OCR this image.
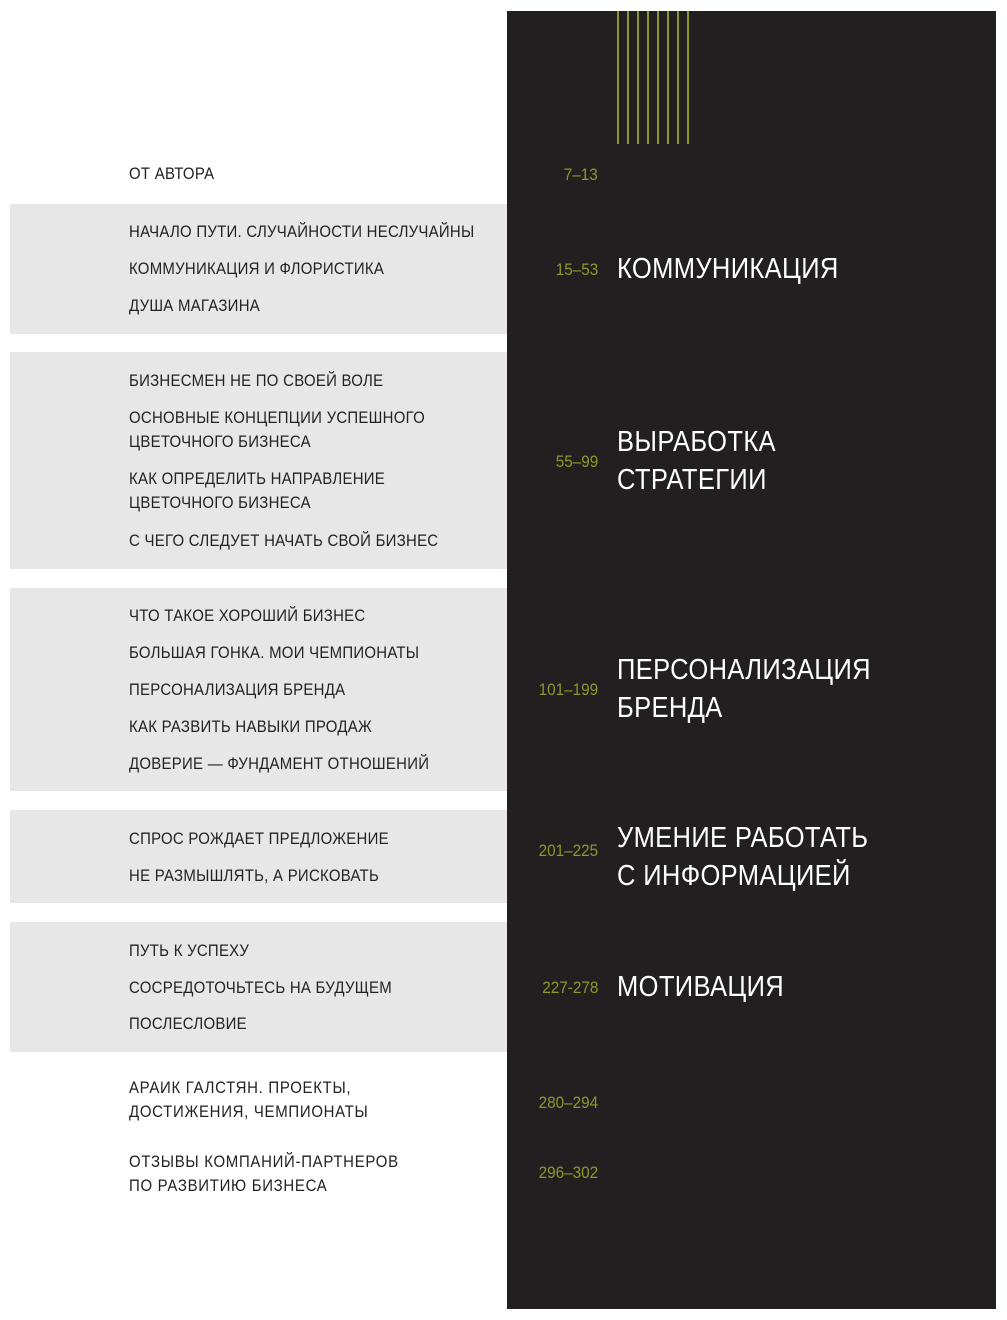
ОТ АВТОРА	7–13
НАЧАЛО ПУТИ. СЛУЧАЙНОСТИ НЕСЛУЧАЙНЫ
КОММУНИКАЦИЯ И ФЛОРИСТИКА
ДУША МАГАЗИНА
15–53 КОММУНИКАЦИЯ
БИЗНЕСМЕН НЕ ПО СВОЕЙ ВОЛЕ
ОСНОВНЫЕ КОНЦЕПЦИИ УСПЕШНОГО
ЦВЕТОЧНОГО БИЗНЕСА
КАК ОПРЕДЕЛИТЬ НАПРАВЛЕНИЕ
ЦВЕТОЧНОГО БИЗНЕСА
С ЧЕГО СЛЕДУЕТ НАЧАТЬ СВОЙ БИЗНЕС
55–99
ВЫРАБОТКА
СТРАТЕГИИ
ЧТО ТАКОЕ ХОРОШИЙ БИЗНЕС
БОЛЬШАЯ ГОНКА. МОИ ЧЕМПИОНАТЫ
ПЕРСОНАЛИЗАЦИЯ БРЕНДА
КАК РАЗВИТЬ НАВЫКИ ПРОДАЖ
ДОВЕРИЕ — ФУНДАМЕНТ ОТНОШЕНИЙ
101–199
ПЕРСОНАЛИЗАЦИЯ
БРЕНДА
СПРОС РОЖДАЕТ ПРЕДЛОЖЕНИЕ
НЕ РАЗМЫШЛЯТЬ, А РИСКОВАТЬ
201–225 УМЕНИЕ РАБОТАТЬ
С ИНФОРМАЦИЕЙ
ПУТЬ К УСПЕХУ
СОСРЕДОТОЧЬТЕСЬ НА БУДУЩЕМ
ПОСЛЕСЛОВИЕ
227-278 МОТИВАЦИЯ
АРАИК ГАЛСТЯН. ПРОЕКТЫ,
ДОСТИЖЕНИЯ, ЧЕМПИОНАТЫ	280–294
ОТЗЫВЫ КОМПАНИЙ-ПАРТНЕРОВ
ПО РАЗВИТИЮ БИЗНЕСА
296–302
